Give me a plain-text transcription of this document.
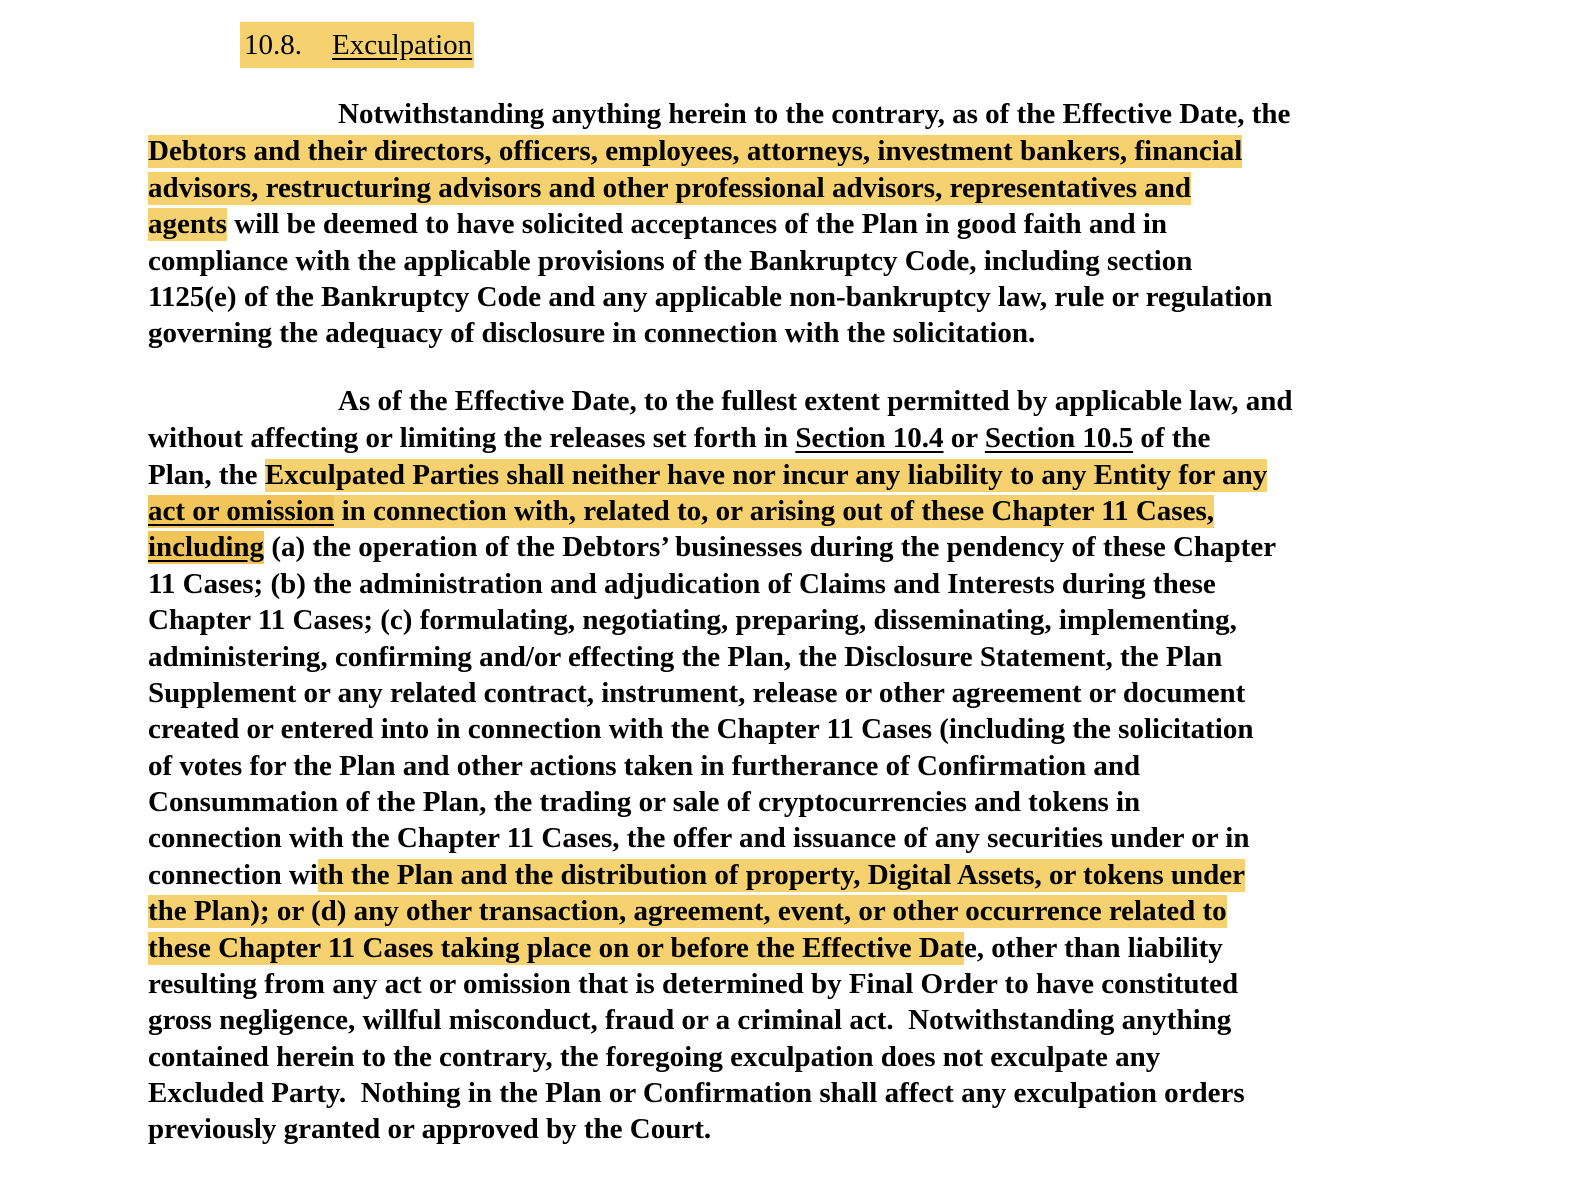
10.8. Exculpation
Notwithstanding anything herein to the contrary, as of the Effective Date, the
Debtors and their directors, officers, employees, attorneys, investment bankers, financial
advisors, restructuring advisors and other professional advisors, representatives and
agents will be deemed to have solicited acceptances of the Plan in good faith and in
compliance with the applicable provisions of the Bankruptcy Code, including section
1125(e) of the Bankruptcy Code and any applicable non-bankruptcy law, rule or regulation
governing the adequacy of disclosure in connection with the solicitation.
As of the Effective Date, to the fullest extent permitted by applicable law, and
without affecting or limiting the releases set forth in Section 10.4 or Section 10.5 of the
Plan, the Exculpated Parties shall neither have nor incur any liability to any Entity for any
act or omission in connection with, related to, or arising out of these Chapter 11 Cases,
including (a) the operation of the Debtors’ businesses during the pendency of these Chapter
11 Cases; (b) the administration and adjudication of Claims and Interests during these
Chapter 11 Cases; (c) formulating, negotiating, preparing, disseminating, implementing,
administering, confirming and/or effecting the Plan, the Disclosure Statement, the Plan
Supplement or any related contract, instrument, release or other agreement or document
created or entered into in connection with the Chapter 11 Cases (including the solicitation
of votes for the Plan and other actions taken in furtherance of Confirmation and
Consummation of the Plan, the trading or sale of cryptocurrencies and tokens in
connection with the Chapter 11 Cases, the offer and issuance of any securities under or in
connection wi th the Plan and the distribution of property, Digital Assets, or tokens under
the Plan); or ( d) any other transaction, agreement, event, or other occurrence related to
these Chapter 11 Cases taking place on or before the Effective Dat e, other than liability
resulting from any act or omission that is determined by Final Order to have constituted
gross negligence, willful misconduct, fraud or a criminal act.  Notwithstanding anything
contained herein to the contrary, the foregoing exculpation does not exculpate any
Excluded Party.  Nothing in the Plan or Confirmation shall affect any exculpation orders
previously granted or approved by the Court.
